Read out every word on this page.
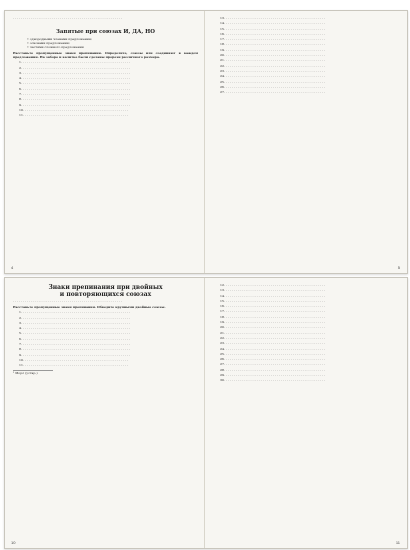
. . . . . . . . . . . . . . . . . . . . . . . . . . . . . . . . . . . . . . . . . . . . . . . . . . . . . . . .

Запятые при союзах И, ДА, НО

• однородными членами предложения;
• основами предложения;
• частями сложного предложения
Расставьте пропущенные знаки препинания. Определите, союзы или соединяют в каждом предложении. На заборе и калитке были сделаны прорези различного размера.

1. . . . . . . . . . . . . . . . . . . . . . . . . . . . . . . . . . . . . . . . . . . . . . . . . . . . . . . .

2. . . . . . . . . . . . . . . . . . . . . . . . . . . . . . . . . . . . . . . . . . . . . . . . . . . . . . . .

3. . . . . . . . . . . . . . . . . . . . . . . . . . . . . . . . . . . . . . . . . . . . . . . . . . . . . . . .

4. . . . . . . . . . . . . . . . . . . . . . . . . . . . . . . . . . . . . . . . . . . . . . . . . . . . . . . .

5. . . . . . . . . . . . . . . . . . . . . . . . . . . . . . . . . . . . . . . . . . . . . . . . . . . . . . . .

6. . . . . . . . . . . . . . . . . . . . . . . . . . . . . . . . . . . . . . . . . . . . . . . . . . . . . . . .

7. . . . . . . . . . . . . . . . . . . . . . . . . . . . . . . . . . . . . . . . . . . . . . . . . . . . . . . .

8. . . . . . . . . . . . . . . . . . . . . . . . . . . . . . . . . . . . . . . . . . . . . . . . . . . . . . . .

9. . . . . . . . . . . . . . . . . . . . . . . . . . . . . . . . . . . . . . . . . . . . . . . . . . . . . . . .

10. . . . . . . . . . . . . . . . . . . . . . . . . . . . . . . . . . . . . . . . . . . . . . . . . . . . . .

11. . . . . . . . . . . . . . . . . . . . . . . . . . . . . . . . . . . . . . . . . . . . . . . . . . . . . .

4

13. . . . . . . . . . . . . . . . . . . . . . . . . . . . . . . . . . . . . . . . . . . . . . . . . . . .

14. . . . . . . . . . . . . . . . . . . . . . . . . . . . . . . . . . . . . . . . . . . . . . . . . . . .

15. . . . . . . . . . . . . . . . . . . . . . . . . . . . . . . . . . . . . . . . . . . . . . . . . . . .

16. . . . . . . . . . . . . . . . . . . . . . . . . . . . . . . . . . . . . . . . . . . . . . . . . . . .

17. . . . . . . . . . . . . . . . . . . . . . . . . . . . . . . . . . . . . . . . . . . . . . . . . . . .

18. . . . . . . . . . . . . . . . . . . . . . . . . . . . . . . . . . . . . . . . . . . . . . . . . . . .

19. . . . . . . . . . . . . . . . . . . . . . . . . . . . . . . . . . . . . . . . . . . . . . . . . . . .

20. . . . . . . . . . . . . . . . . . . . . . . . . . . . . . . . . . . . . . . . . . . . . . . . . . . .

21. . . . . . . . . . . . . . . . . . . . . . . . . . . . . . . . . . . . . . . . . . . . . . . . . . . .

22. . . . . . . . . . . . . . . . . . . . . . . . . . . . . . . . . . . . . . . . . . . . . . . . . . . .

23. . . . . . . . . . . . . . . . . . . . . . . . . . . . . . . . . . . . . . . . . . . . . . . . . . . .

24. . . . . . . . . . . . . . . . . . . . . . . . . . . . . . . . . . . . . . . . . . . . . . . . . . . .

25. . . . . . . . . . . . . . . . . . . . . . . . . . . . . . . . . . . . . . . . . . . . . . . . . . . .

26. . . . . . . . . . . . . . . . . . . . . . . . . . . . . . . . . . . . . . . . . . . . . . . . . . . .

27. . . . . . . . . . . . . . . . . . . . . . . . . . . . . . . . . . . . . . . . . . . . . . . . . . . .

5

Знаки препинания при двойных

и повторяющихся союзах

. . . . . . . . . . . . . . . . . . . . . . . . . . . . . . . . . . . . . . . . . . . . . . . . . . . . . . . .
Расставьте пропущенные знаки препинания. Обведите крупными двойные союзы.

1. . . . . . . . . . . . . . . . . . . . . . . . . . . . . . . . . . . . . . . . . . . . . . . . . . . . . . . .

2. . . . . . . . . . . . . . . . . . . . . . . . . . . . . . . . . . . . . . . . . . . . . . . . . . . . . . . .

3. . . . . . . . . . . . . . . . . . . . . . . . . . . . . . . . . . . . . . . . . . . . . . . . . . . . . . . .

4. . . . . . . . . . . . . . . . . . . . . . . . . . . . . . . . . . . . . . . . . . . . . . . . . . . . . . . .

5. . . . . . . . . . . . . . . . . . . . . . . . . . . . . . . . . . . . . . . . . . . . . . . . . . . . . . . .

6. . . . . . . . . . . . . . . . . . . . . . . . . . . . . . . . . . . . . . . . . . . . . . . . . . . . . . . .

7. . . . . . . . . . . . . . . . . . . . . . . . . . . . . . . . . . . . . . . . . . . . . . . . . . . . . . . .

8. . . . . . . . . . . . . . . . . . . . . . . . . . . . . . . . . . . . . . . . . . . . . . . . . . . . . . . .

9. . . . . . . . . . . . . . . . . . . . . . . . . . . . . . . . . . . . . . . . . . . . . . . . . . . . . . . .

10. . . . . . . . . . . . . . . . . . . . . . . . . . . . . . . . . . . . . . . . . . . . . . . . . . . . . .

11. . . . . . . . . . . . . . . . . . . . . . . . . . . . . . . . . . . . . . . . . . . . . . . . . . . . . .

¹ Моро́ (устар.)
10

12. . . . . . . . . . . . . . . . . . . . . . . . . . . . . . . . . . . . . . . . . . . . . . . . . . . .

13. . . . . . . . . . . . . . . . . . . . . . . . . . . . . . . . . . . . . . . . . . . . . . . . . . . .

14. . . . . . . . . . . . . . . . . . . . . . . . . . . . . . . . . . . . . . . . . . . . . . . . . . . .

15. . . . . . . . . . . . . . . . . . . . . . . . . . . . . . . . . . . . . . . . . . . . . . . . . . . .

16. . . . . . . . . . . . . . . . . . . . . . . . . . . . . . . . . . . . . . . . . . . . . . . . . . . .

17. . . . . . . . . . . . . . . . . . . . . . . . . . . . . . . . . . . . . . . . . . . . . . . . . . . .

18. . . . . . . . . . . . . . . . . . . . . . . . . . . . . . . . . . . . . . . . . . . . . . . . . . . .

19. . . . . . . . . . . . . . . . . . . . . . . . . . . . . . . . . . . . . . . . . . . . . . . . . . . .

20. . . . . . . . . . . . . . . . . . . . . . . . . . . . . . . . . . . . . . . . . . . . . . . . . . . .

21. . . . . . . . . . . . . . . . . . . . . . . . . . . . . . . . . . . . . . . . . . . . . . . . . . . .

22. . . . . . . . . . . . . . . . . . . . . . . . . . . . . . . . . . . . . . . . . . . . . . . . . . . .

23. . . . . . . . . . . . . . . . . . . . . . . . . . . . . . . . . . . . . . . . . . . . . . . . . . . .

24. . . . . . . . . . . . . . . . . . . . . . . . . . . . . . . . . . . . . . . . . . . . . . . . . . . .

25. . . . . . . . . . . . . . . . . . . . . . . . . . . . . . . . . . . . . . . . . . . . . . . . . . . .

26. . . . . . . . . . . . . . . . . . . . . . . . . . . . . . . . . . . . . . . . . . . . . . . . . . . .

27. . . . . . . . . . . . . . . . . . . . . . . . . . . . . . . . . . . . . . . . . . . . . . . . . . . .

28. . . . . . . . . . . . . . . . . . . . . . . . . . . . . . . . . . . . . . . . . . . . . . . . . . . .

29. . . . . . . . . . . . . . . . . . . . . . . . . . . . . . . . . . . . . . . . . . . . . . . . . . . .

30. . . . . . . . . . . . . . . . . . . . . . . . . . . . . . . . . . . . . . . . . . . . . . . . . . . .

11
